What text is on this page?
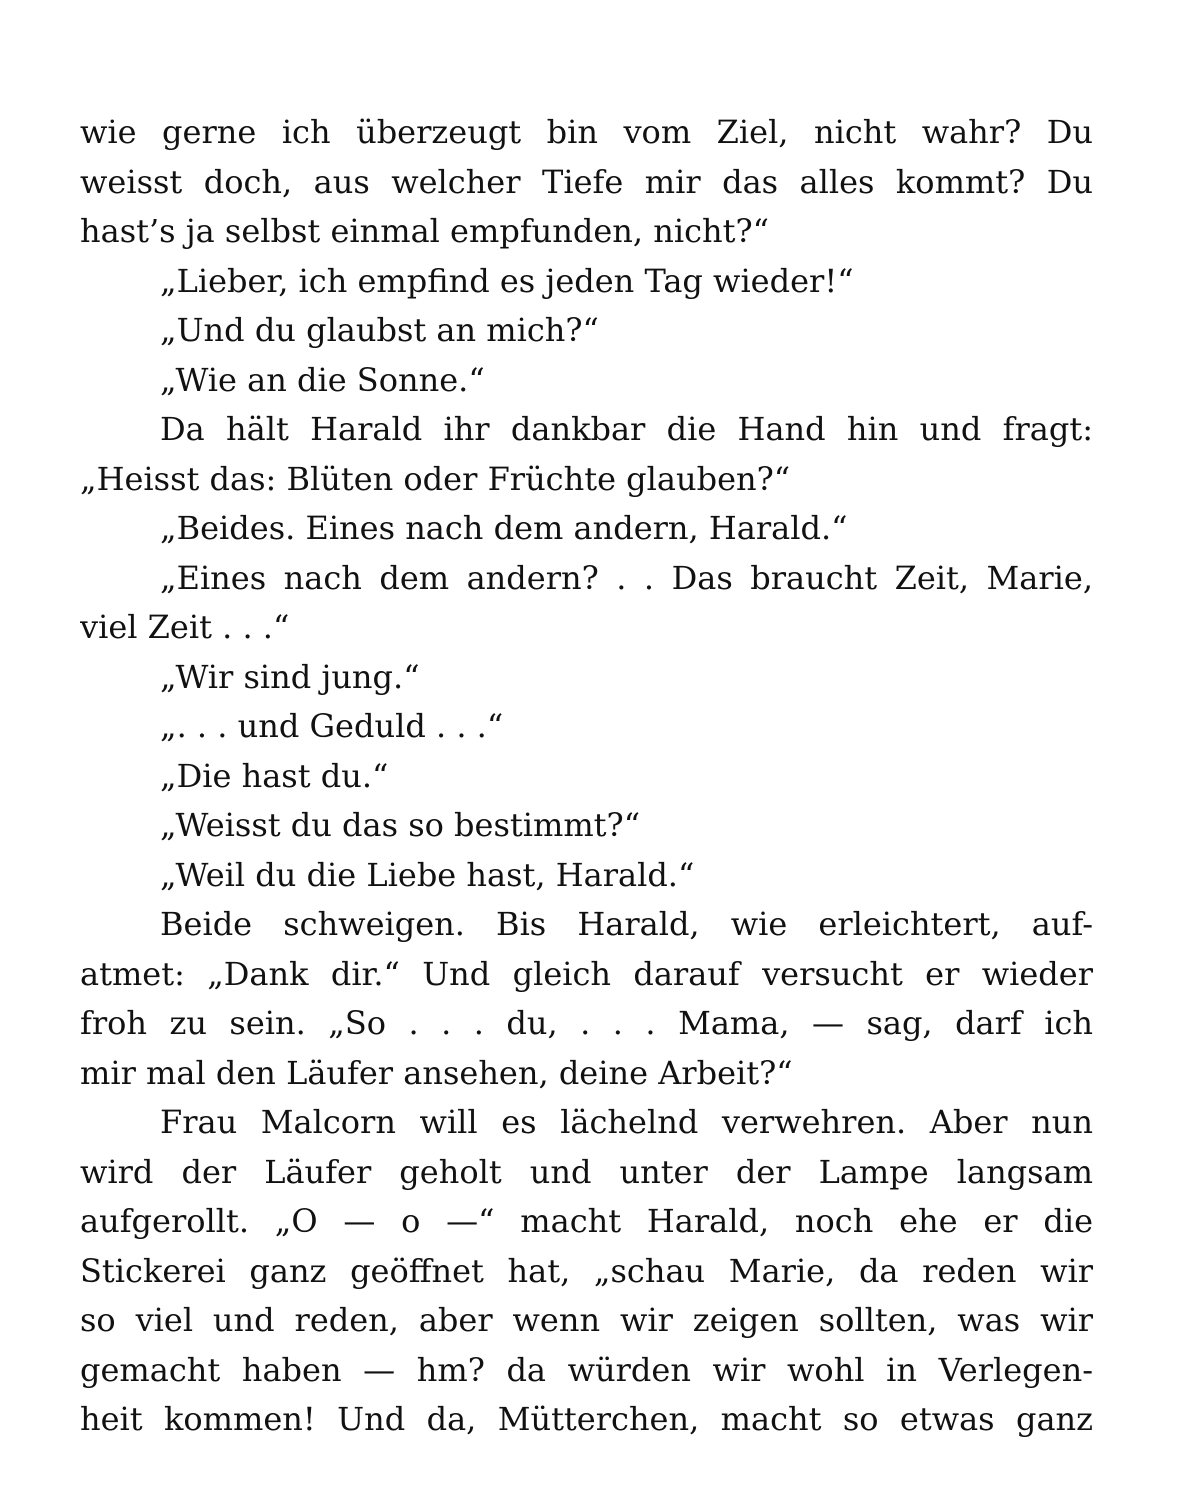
wie gerne ich überzeugt bin vom Ziel, nicht wahr? Du
weisst doch, aus welcher Tiefe mir das alles kommt? Du
hast’s ja selbst einmal empfunden, nicht?“
„Lieber, ich empfind es jeden Tag wieder!“
„Und du glaubst an mich?“
„Wie an die Sonne.“
Da hält Harald ihr dankbar die Hand hin und fragt:
„Heisst das: Blüten oder Früchte glauben?“
„Beides. Eines nach dem andern, Harald.“
„Eines nach dem andern? . . Das braucht Zeit, Marie,
viel Zeit . . .“
„Wir sind jung.“
„. . . und Geduld . . .“
„Die hast du.“
„Weisst du das so bestimmt?“
„Weil du die Liebe hast, Harald.“
Beide schweigen. Bis Harald, wie erleichtert, auf-
atmet: „Dank dir.“ Und gleich darauf versucht er wieder
froh zu sein. „So . . . du, . . . Mama, — sag, darf ich
mir mal den Läufer ansehen, deine Arbeit?“
Frau Malcorn will es lächelnd verwehren. Aber nun
wird der Läufer geholt und unter der Lampe langsam
aufgerollt. „O — o —“ macht Harald, noch ehe er die
Stickerei ganz geöffnet hat, „schau Marie, da reden wir
so viel und reden, aber wenn wir zeigen sollten, was wir
gemacht haben — hm? da würden wir wohl in Verlegen-
heit kommen! Und da, Mütterchen, macht so etwas ganz
